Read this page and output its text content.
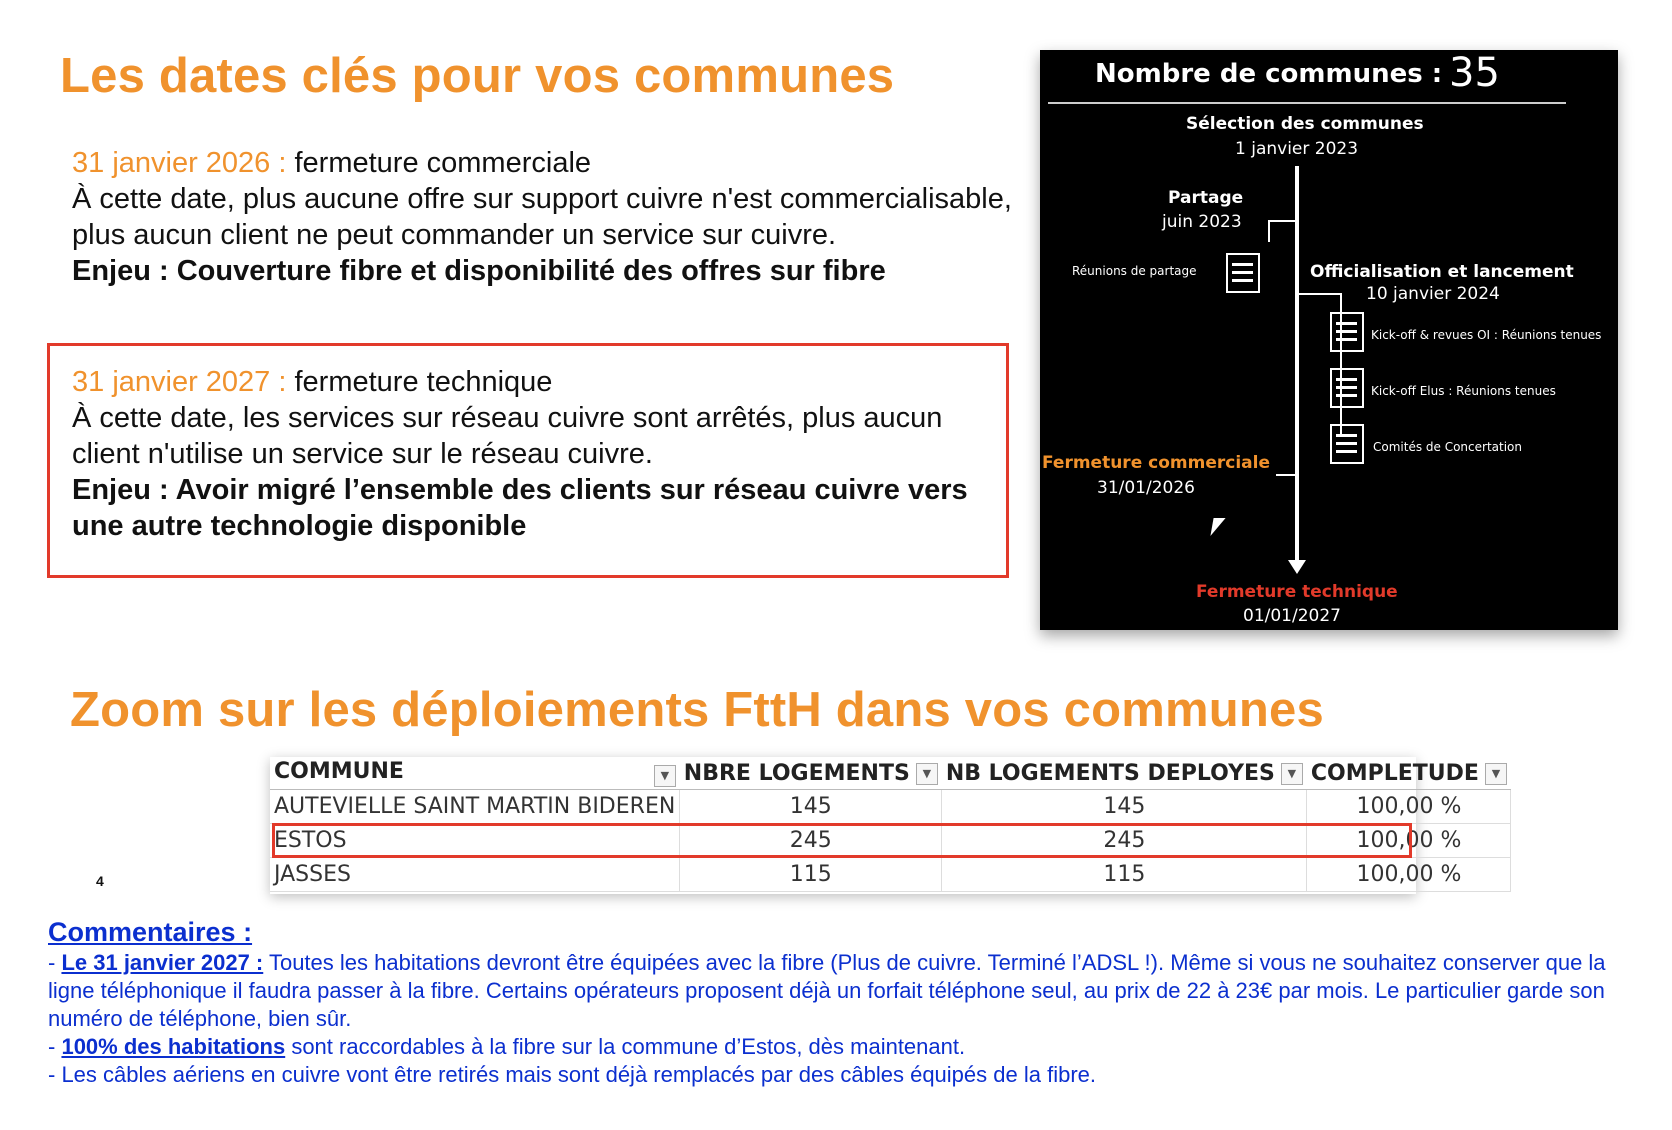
Les dates clés pour vos communes
31 janvier 2026 : fermeture commerciale
À cette date, plus aucune offre sur support cuivre n'est commercialisable, plus aucun client ne peut commander un service sur cuivre.
Enjeu : Couverture fibre et disponibilité des offres sur fibre
31 janvier 2027 : fermeture technique
À cette date, les services sur réseau cuivre sont arrêtés, plus aucun client n'utilise un service sur le réseau cuivre.
Enjeu : Avoir migré l’ensemble des clients sur réseau cuivre vers une autre technologie disponible
Nombre de communes : 35
Sélection des communes
1 janvier 2023
Partage
juin 2023
Réunions de partage	Officialisation et lancement
10 janvier 2024
Kick-off & revues OI : Réunions tenues
Kick-off Elus : Réunions tenues
Comités de Concertation
Fermeture commerciale
31/01/2026
Fermeture technique
01/01/2027
Zoom sur les déploiements FttH dans vos communes
COMMUNE ▼	NBRE LOGEMENTS ▼	NB LOGEMENTS DEPLOYES ▼	COMPLETUDE ▼
AUTEVIELLE SAINT MARTIN BIDEREN	145	145	100,00 %
ESTOS	245	245	100,00 %
JASSES	115	115	100,00 %
4
Commentaires :
- Le 31 janvier 2027 : Toutes les habitations devront être équipées avec la fibre (Plus de cuivre. Terminé l’ADSL !). Même si vous ne souhaitez conserver que la ligne téléphonique il faudra passer à la fibre. Certains opérateurs proposent déjà un forfait téléphone seul, au prix de 22 à 23€ par mois. Le particulier garde son numéro de téléphone, bien sûr.
- 100% des habitations sont raccordables à la fibre sur la commune d’Estos, dès maintenant.
- Les câbles aériens en cuivre vont être retirés mais sont déjà remplacés par des câbles équipés de la fibre.
